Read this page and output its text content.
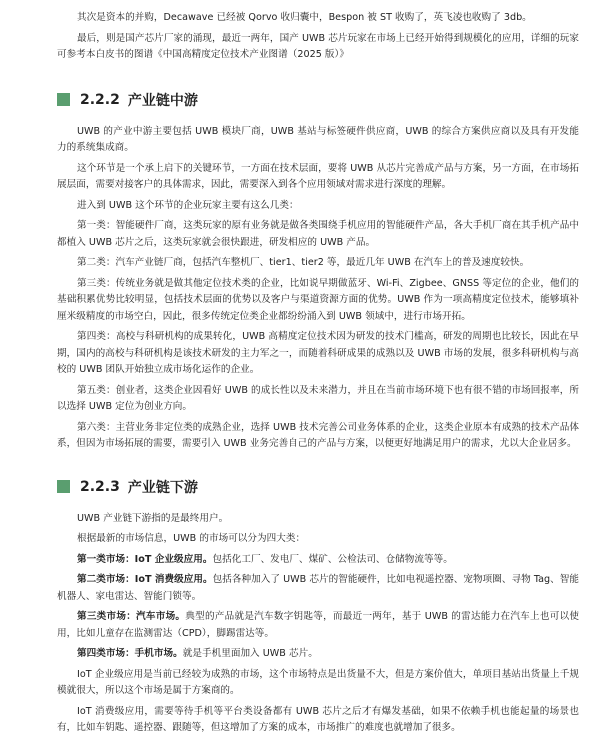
其次是资本的并购，Decawave 已经被 Qorvo 收归囊中，Bespon 被 ST 收购了，英飞凌也收购了 3db。

最后，则是国产芯片厂家的涌现，最近一两年，国产 UWB 芯片玩家在市场上已经开始得到规模化的应用，详细的玩家可参考本白皮书的图谱《中国高精度定位技术产业图谱（2025 版）》

2.2.2 产业链中游

UWB 的产业中游主要包括 UWB 模块厂商，UWB 基站与标签硬件供应商，UWB 的综合方案供应商以及具有开发能力的系统集成商。

这个环节是一个承上启下的关键环节，一方面在技术层面，要将 UWB 从芯片完善成产品与方案，另一方面，在市场拓展层面，需要对接客户的具体需求，因此，需要深入到各个应用领域对需求进行深度的理解。

进入到 UWB 这个环节的企业玩家主要有这么几类：

第一类：智能硬件厂商，这类玩家的原有业务就是做各类围绕手机应用的智能硬件产品，各大手机厂商在其手机产品中都植入 UWB 芯片之后，这类玩家就会很快跟进，研发相应的 UWB 产品。

第二类：汽车产业链厂商，包括汽车整机厂、tier1、tier2 等，最近几年 UWB 在汽车上的普及速度较快。

第三类：传统业务就是做其他定位技术类的企业，比如说早期做蓝牙、Wi-Fi、Zigbee、GNSS 等定位的企业，他们的基础积累优势比较明显，包括技术层面的优势以及客户与渠道资源方面的优势。UWB 作为一项高精度定位技术，能够填补厘米级精度的市场空白，因此，很多传统定位类企业都纷纷涌入到 UWB 领域中，进行市场开拓。

第四类：高校与科研机构的成果转化，UWB 高精度定位技术因为研发的技术门槛高，研发的周期也比较长，因此在早期，国内的高校与科研机构是该技术研发的主力军之一，而随着科研成果的成熟以及 UWB 市场的发展，很多科研机构与高校的 UWB 团队开始独立成市场化运作的企业。

第五类：创业者，这类企业因看好 UWB 的成长性以及未来潜力，并且在当前市场环境下也有很不错的市场回报率，所以选择 UWB 定位为创业方向。

第六类：主营业务非定位类的成熟企业，选择 UWB 技术完善公司业务体系的企业，这类企业原本有成熟的技术产品体系，但因为市场拓展的需要，需要引入 UWB 业务完善自己的产品与方案，以便更好地满足用户的需求，尤以大企业居多。

2.2.3 产业链下游

UWB 产业链下游指的是最终用户。

根据最新的市场信息，UWB 的市场可以分为四大类：

第一类市场：IoT 企业级应用。包括化工厂、发电厂、煤矿、公检法司、仓储物流等等。

第二类市场：IoT 消费级应用。包括各种加入了 UWB 芯片的智能硬件，比如电视遥控器、宠物项圈、寻物 Tag、智能机器人、家电雷达、智能门锁等。

第三类市场：汽车市场。典型的产品就是汽车数字钥匙等，而最近一两年，基于 UWB 的雷达能力在汽车上也可以使用，比如儿童存在监测雷达（CPD），脚踢雷达等。

第四类市场：手机市场。就是手机里面加入 UWB 芯片。

IoT 企业级应用是当前已经较为成熟的市场，这个市场特点是出货量不大，但是方案价值大，单项目基站出货量上千规模就很大，所以这个市场是属于方案商的。

IoT 消费级应用，需要等待手机等平台类设备都有 UWB 芯片之后才有爆发基础，如果不依赖手机也能起量的场景也有，比如车钥匙、遥控器、跟随等，但这增加了方案的成本，市场推广的难度也就增加了很多。
